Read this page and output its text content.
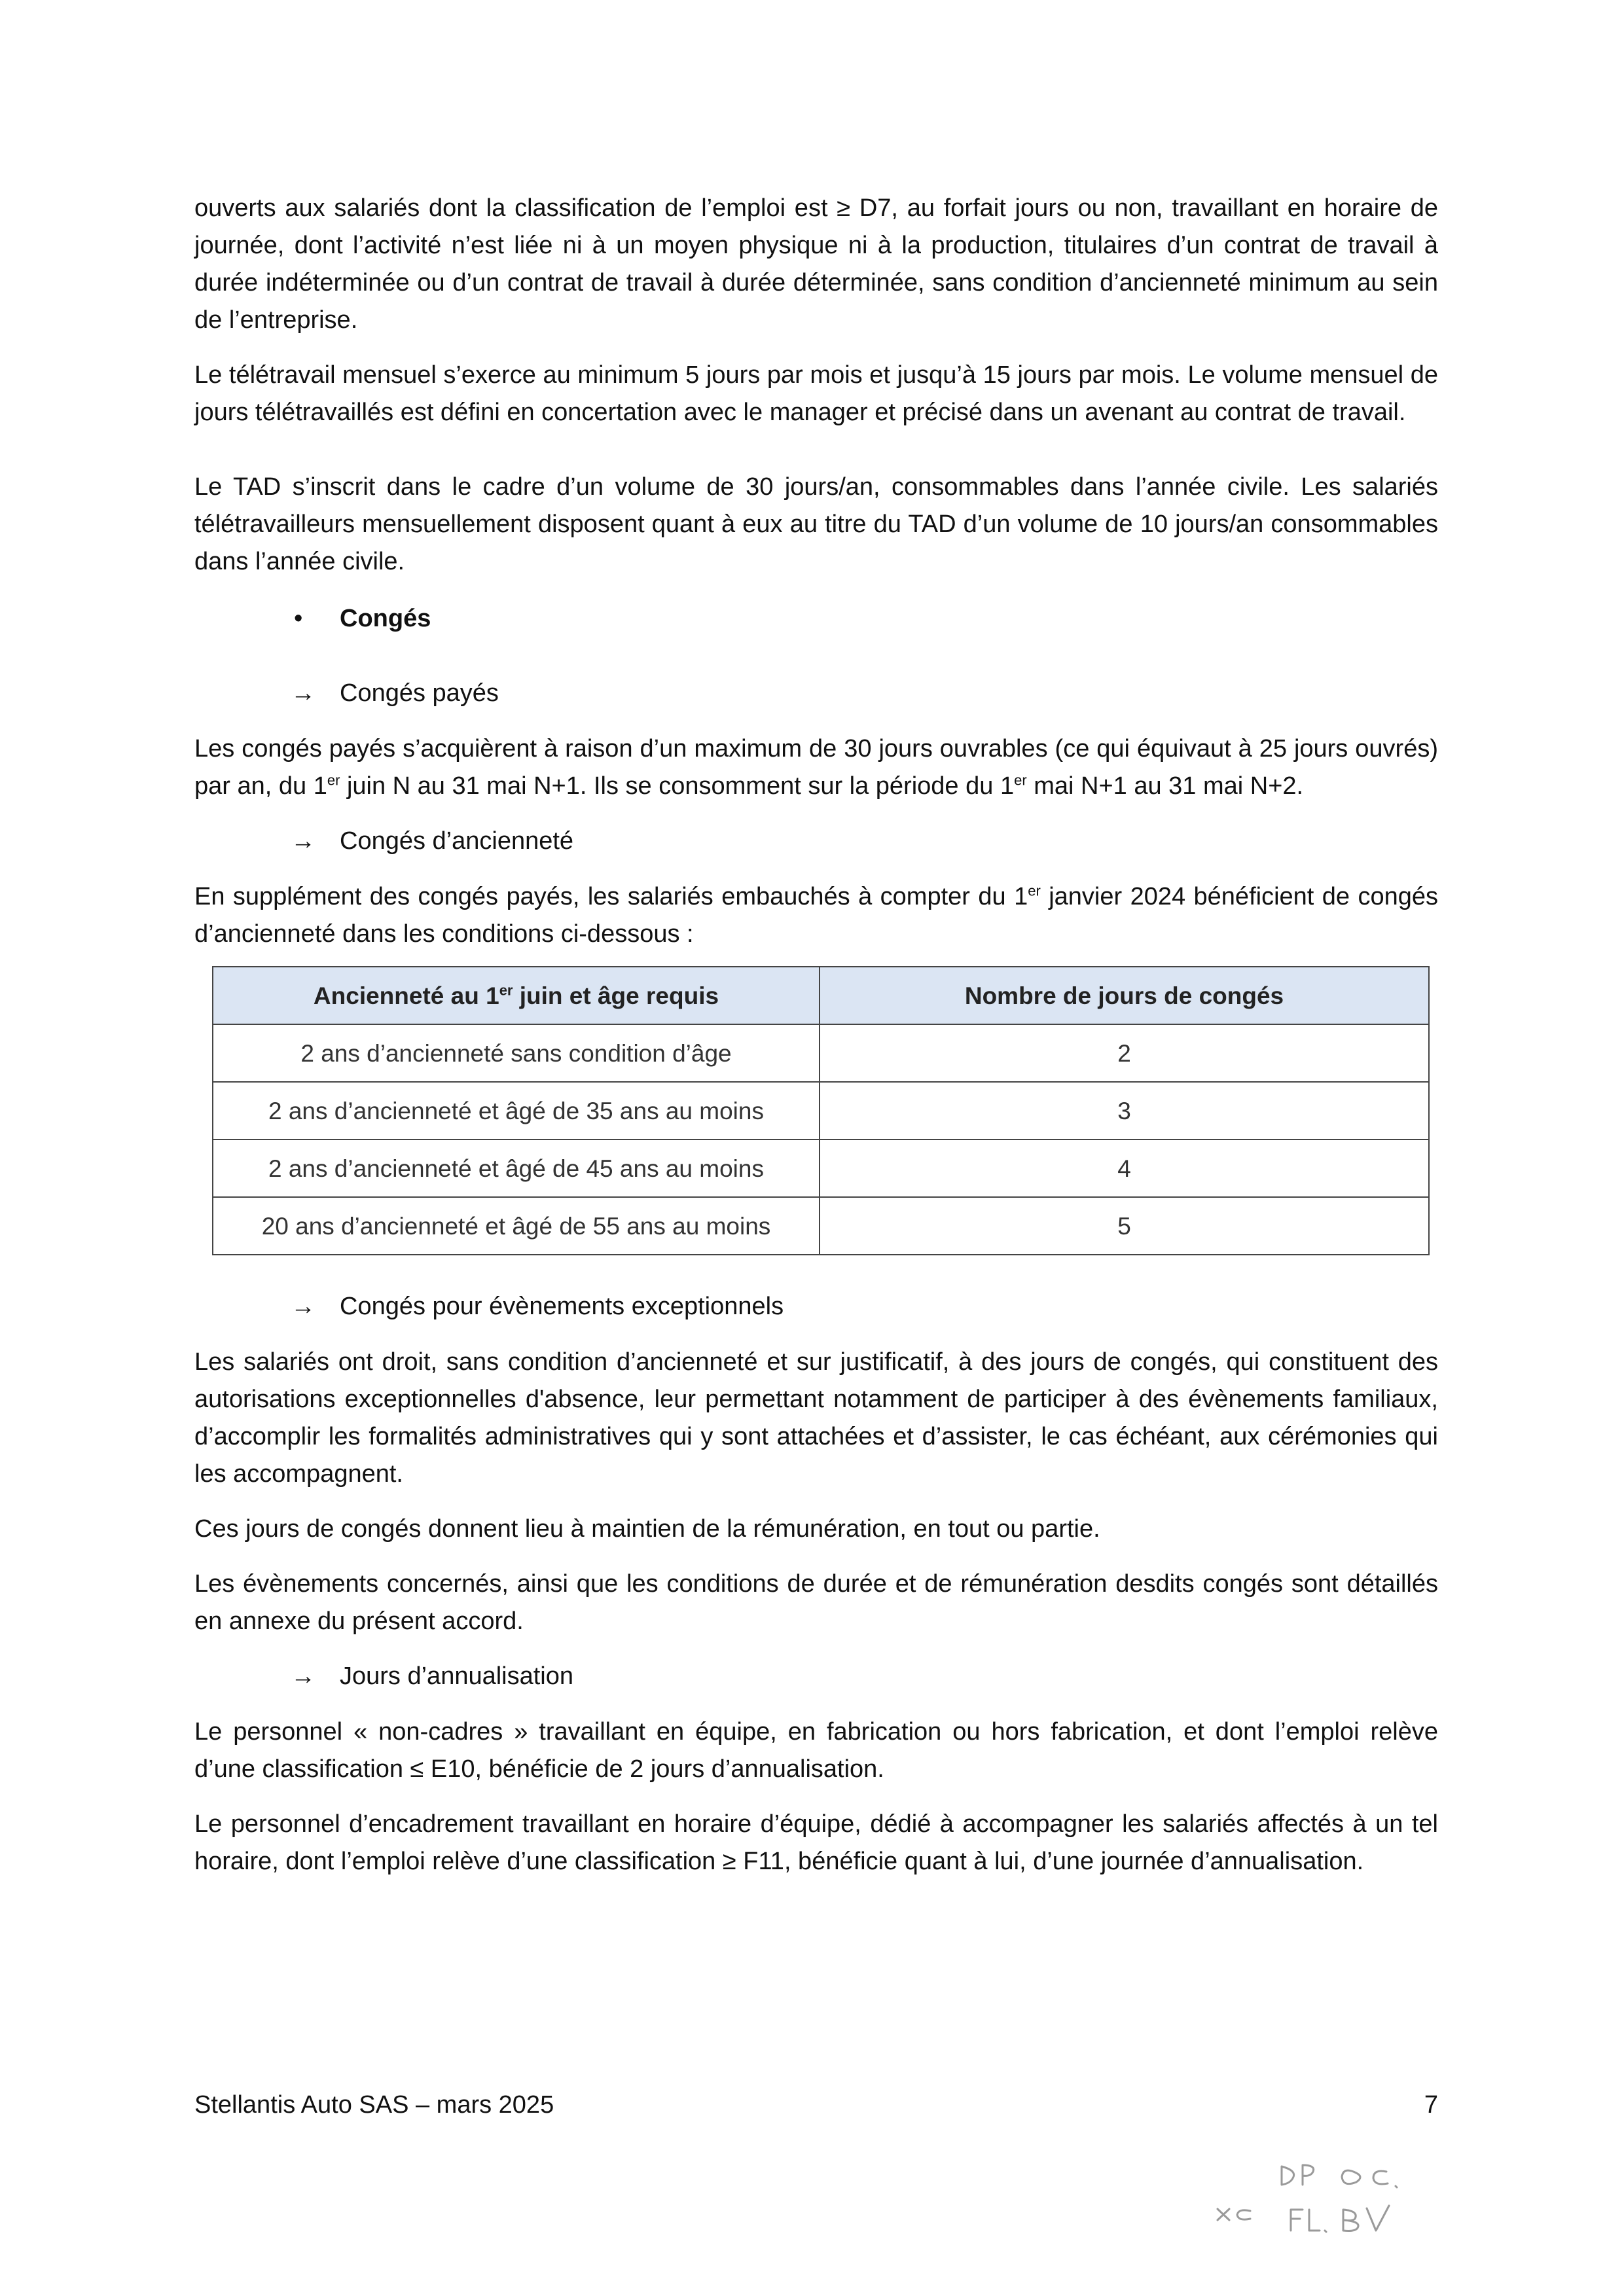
ouverts aux salariés dont la classification de l’emploi est ≥ D7, au forfait jours ou non, travaillant en horaire de journée, dont l’activité n’est liée ni à un moyen physique ni à la production, titulaires d’un contrat de travail à durée indéterminée ou d’un contrat de travail à durée déterminée, sans condition d’ancienneté minimum au sein de l’entreprise.

Le télétravail mensuel s’exerce au minimum 5 jours par mois et jusqu’à 15 jours par mois. Le volume mensuel de jours télétravaillés est défini en concertation avec le manager et précisé dans un avenant au contrat de travail.

Le TAD s’inscrit dans le cadre d’un volume de 30 jours/an, consommables dans l’année civile. Les salariés télétravailleurs mensuellement disposent quant à eux au titre du TAD d’un volume de 10 jours/an consommables dans l’année civile.

• Congés
→ Congés payés

Les congés payés s’acquièrent à raison d’un maximum de 30 jours ouvrables (ce qui équivaut à 25 jours ouvrés) par an, du 1er juin N au 31 mai N+1. Ils se consomment sur la période du 1er mai N+1 au 31 mai N+2.

→ Congés d’ancienneté

En supplément des congés payés, les salariés embauchés à compter du 1er janvier 2024 bénéficient de congés d’ancienneté dans les conditions ci-dessous :

Ancienneté au 1er juin et âge requis	Nombre de jours de congés
2 ans d’ancienneté sans condition d’âge	2
2 ans d’ancienneté et âgé de 35 ans au moins	3
2 ans d’ancienneté et âgé de 45 ans au moins	4
20 ans d’ancienneté et âgé de 55 ans au moins	5
→ Congés pour évènements exceptionnels

Les salariés ont droit, sans condition d’ancienneté et sur justificatif, à des jours de congés, qui constituent des autorisations exceptionnelles d'absence, leur permettant notamment de participer à des évènements familiaux, d’accomplir les formalités administratives qui y sont attachées et d’assister, le cas échéant, aux cérémonies qui les accompagnent.

Ces jours de congés donnent lieu à maintien de la rémunération, en tout ou partie.

Les évènements concernés, ainsi que les conditions de durée et de rémunération desdits congés sont détaillés en annexe du présent accord.

→ Jours d’annualisation

Le personnel « non-cadres » travaillant en équipe, en fabrication ou hors fabrication, et dont l’emploi relève d’une classification ≤ E10, bénéficie de 2 jours d’annualisation.

Le personnel d’encadrement travaillant en horaire d’équipe, dédié à accompagner les salariés affectés à un tel horaire, dont l’emploi relève d’une classification ≥ F11, bénéficie quant à lui, d’une journée d’annualisation.

Stellantis Auto SAS – mars 2025	7
